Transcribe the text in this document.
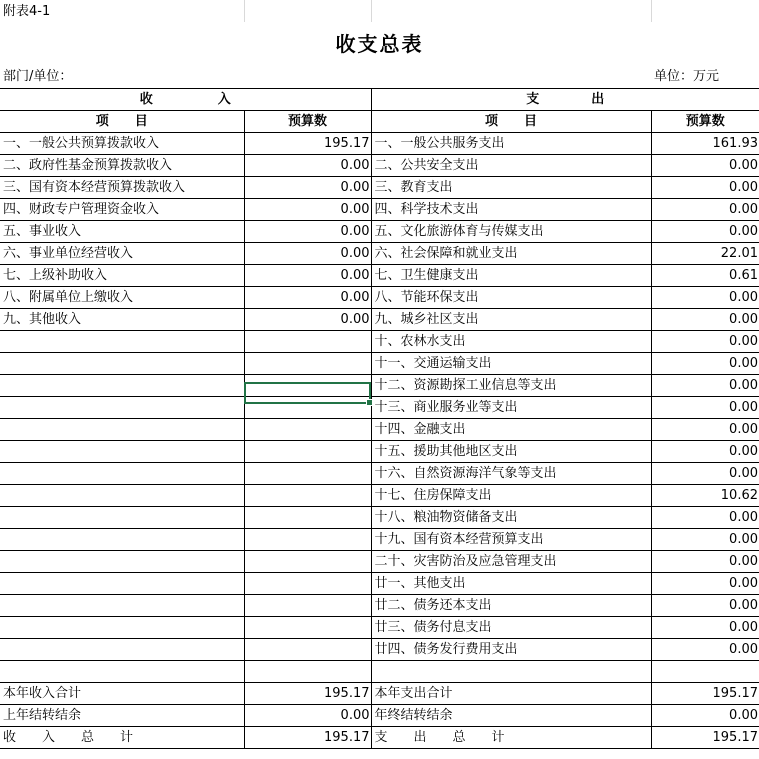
附表4-1			
收支总表			
部门/单位：			单位：万元
收　　　　　入		支　　　　出	
项　　目	预算数	项　　目	预算数
一、一般公共预算拨款收入	195.17	一、一般公共服务支出	161.93
二、政府性基金预算拨款收入	0.00	二、公共安全支出	0.00
三、国有资本经营预算拨款收入	0.00	三、教育支出	0.00
四、财政专户管理资金收入	0.00	四、科学技术支出	0.00
五、事业收入	0.00	五、文化旅游体育与传媒支出	0.00
六、事业单位经营收入	0.00	六、社会保障和就业支出	22.01
七、上级补助收入	0.00	七、卫生健康支出	0.61
八、附属单位上缴收入	0.00	八、节能环保支出	0.00
九、其他收入	0.00	九、城乡社区支出	0.00
		十、农林水支出	0.00
		十一、交通运输支出	0.00
		十二、资源勘探工业信息等支出	0.00
		十三、商业服务业等支出	0.00
		十四、金融支出	0.00
		十五、援助其他地区支出	0.00
		十六、自然资源海洋气象等支出	0.00
		十七、住房保障支出	10.62
		十八、粮油物资储备支出	0.00
		十九、国有资本经营预算支出	0.00
		二十、灾害防治及应急管理支出	0.00
		廿一、其他支出	0.00
		廿二、债务还本支出	0.00
		廿三、债务付息支出	0.00
		廿四、债务发行费用支出	0.00

本年收入合计	195.17	本年支出合计	195.17
上年结转结余	0.00	年终结转结余	0.00
收　　入　　总　　计	195.17	支　　出　　总　　计	195.17
